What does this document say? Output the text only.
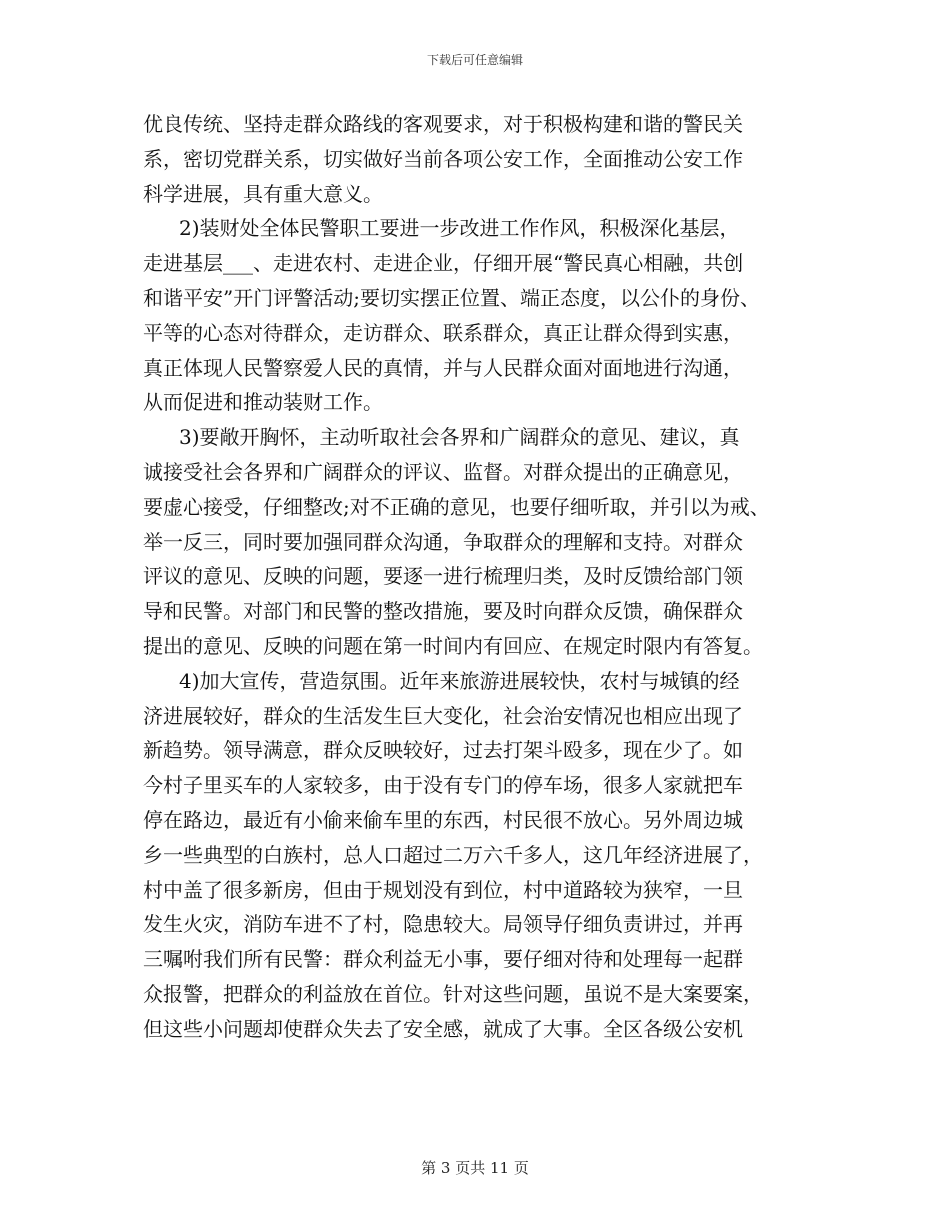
下载后可任意编辑
优良传统、坚持走群众路线的客观要求，对于积极构建和谐的警民关
系，密切党群关系，切实做好当前各项公安工作，全面推动公安工作
科学进展，具有重大意义。
2)装财处全体民警职工要进一步改进工作作风，积极深化基层，
走进基层___、走进农村、走进企业，仔细开展“警民真心相融，共创
和谐平安”开门评警活动;要切实摆正位置、端正态度，以公仆的身份、
平等的心态对待群众，走访群众、联系群众，真正让群众得到实惠，
真正体现人民警察爱人民的真情，并与人民群众面对面地进行沟通，
从而促进和推动装财工作。
3)要敞开胸怀，主动听取社会各界和广阔群众的意见、建议，真
诚接受社会各界和广阔群众的评议、监督。对群众提出的正确意见，
要虚心接受，仔细整改;对不正确的意见，也要仔细听取，并引以为戒、
举一反三，同时要加强同群众沟通，争取群众的理解和支持。对群众
评议的意见、反映的问题，要逐一进行梳理归类，及时反馈给部门领
导和民警。对部门和民警的整改措施，要及时向群众反馈，确保群众
提出的意见、反映的问题在第一时间内有回应、在规定时限内有答复。
4)加大宣传，营造氛围。近年来旅游进展较快，农村与城镇的经
济进展较好，群众的生活发生巨大变化，社会治安情况也相应出现了
新趋势。领导满意，群众反映较好，过去打架斗殴多，现在少了。如
今村子里买车的人家较多，由于没有专门的停车场，很多人家就把车
停在路边，最近有小偷来偷车里的东西，村民很不放心。另外周边城
乡一些典型的白族村，总人口超过二万六千多人，这几年经济进展了，
村中盖了很多新房，但由于规划没有到位，村中道路较为狭窄，一旦
发生火灾，消防车进不了村，隐患较大。局领导仔细负责讲过，并再
三嘱咐我们所有民警：群众利益无小事，要仔细对待和处理每一起群
众报警，把群众的利益放在首位。针对这些问题，虽说不是大案要案，
但这些小问题却使群众失去了安全感，就成了大事。全区各级公安机
第 3 页共 11 页
